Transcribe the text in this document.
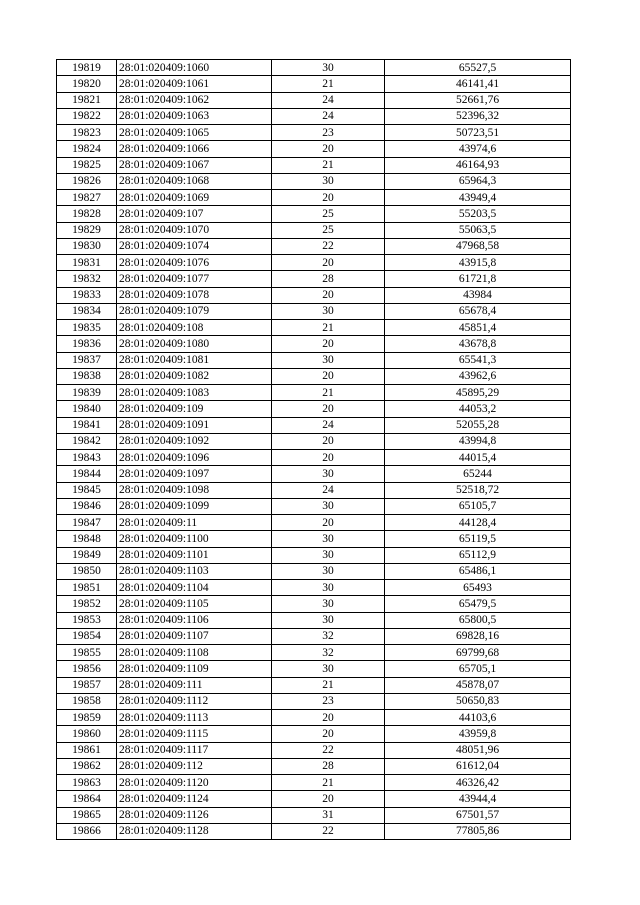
19819	28:01:020409:1060	30	65527,5
19820	28:01:020409:1061	21	46141,41
19821	28:01:020409:1062	24	52661,76
19822	28:01:020409:1063	24	52396,32
19823	28:01:020409:1065	23	50723,51
19824	28:01:020409:1066	20	43974,6
19825	28:01:020409:1067	21	46164,93
19826	28:01:020409:1068	30	65964,3
19827	28:01:020409:1069	20	43949,4
19828	28:01:020409:107	25	55203,5
19829	28:01:020409:1070	25	55063,5
19830	28:01:020409:1074	22	47968,58
19831	28:01:020409:1076	20	43915,8
19832	28:01:020409:1077	28	61721,8
19833	28:01:020409:1078	20	43984
19834	28:01:020409:1079	30	65678,4
19835	28:01:020409:108	21	45851,4
19836	28:01:020409:1080	20	43678,8
19837	28:01:020409:1081	30	65541,3
19838	28:01:020409:1082	20	43962,6
19839	28:01:020409:1083	21	45895,29
19840	28:01:020409:109	20	44053,2
19841	28:01:020409:1091	24	52055,28
19842	28:01:020409:1092	20	43994,8
19843	28:01:020409:1096	20	44015,4
19844	28:01:020409:1097	30	65244
19845	28:01:020409:1098	24	52518,72
19846	28:01:020409:1099	30	65105,7
19847	28:01:020409:11	20	44128,4
19848	28:01:020409:1100	30	65119,5
19849	28:01:020409:1101	30	65112,9
19850	28:01:020409:1103	30	65486,1
19851	28:01:020409:1104	30	65493
19852	28:01:020409:1105	30	65479,5
19853	28:01:020409:1106	30	65800,5
19854	28:01:020409:1107	32	69828,16
19855	28:01:020409:1108	32	69799,68
19856	28:01:020409:1109	30	65705,1
19857	28:01:020409:111	21	45878,07
19858	28:01:020409:1112	23	50650,83
19859	28:01:020409:1113	20	44103,6
19860	28:01:020409:1115	20	43959,8
19861	28:01:020409:1117	22	48051,96
19862	28:01:020409:112	28	61612,04
19863	28:01:020409:1120	21	46326,42
19864	28:01:020409:1124	20	43944,4
19865	28:01:020409:1126	31	67501,57
19866	28:01:020409:1128	22	77805,86
